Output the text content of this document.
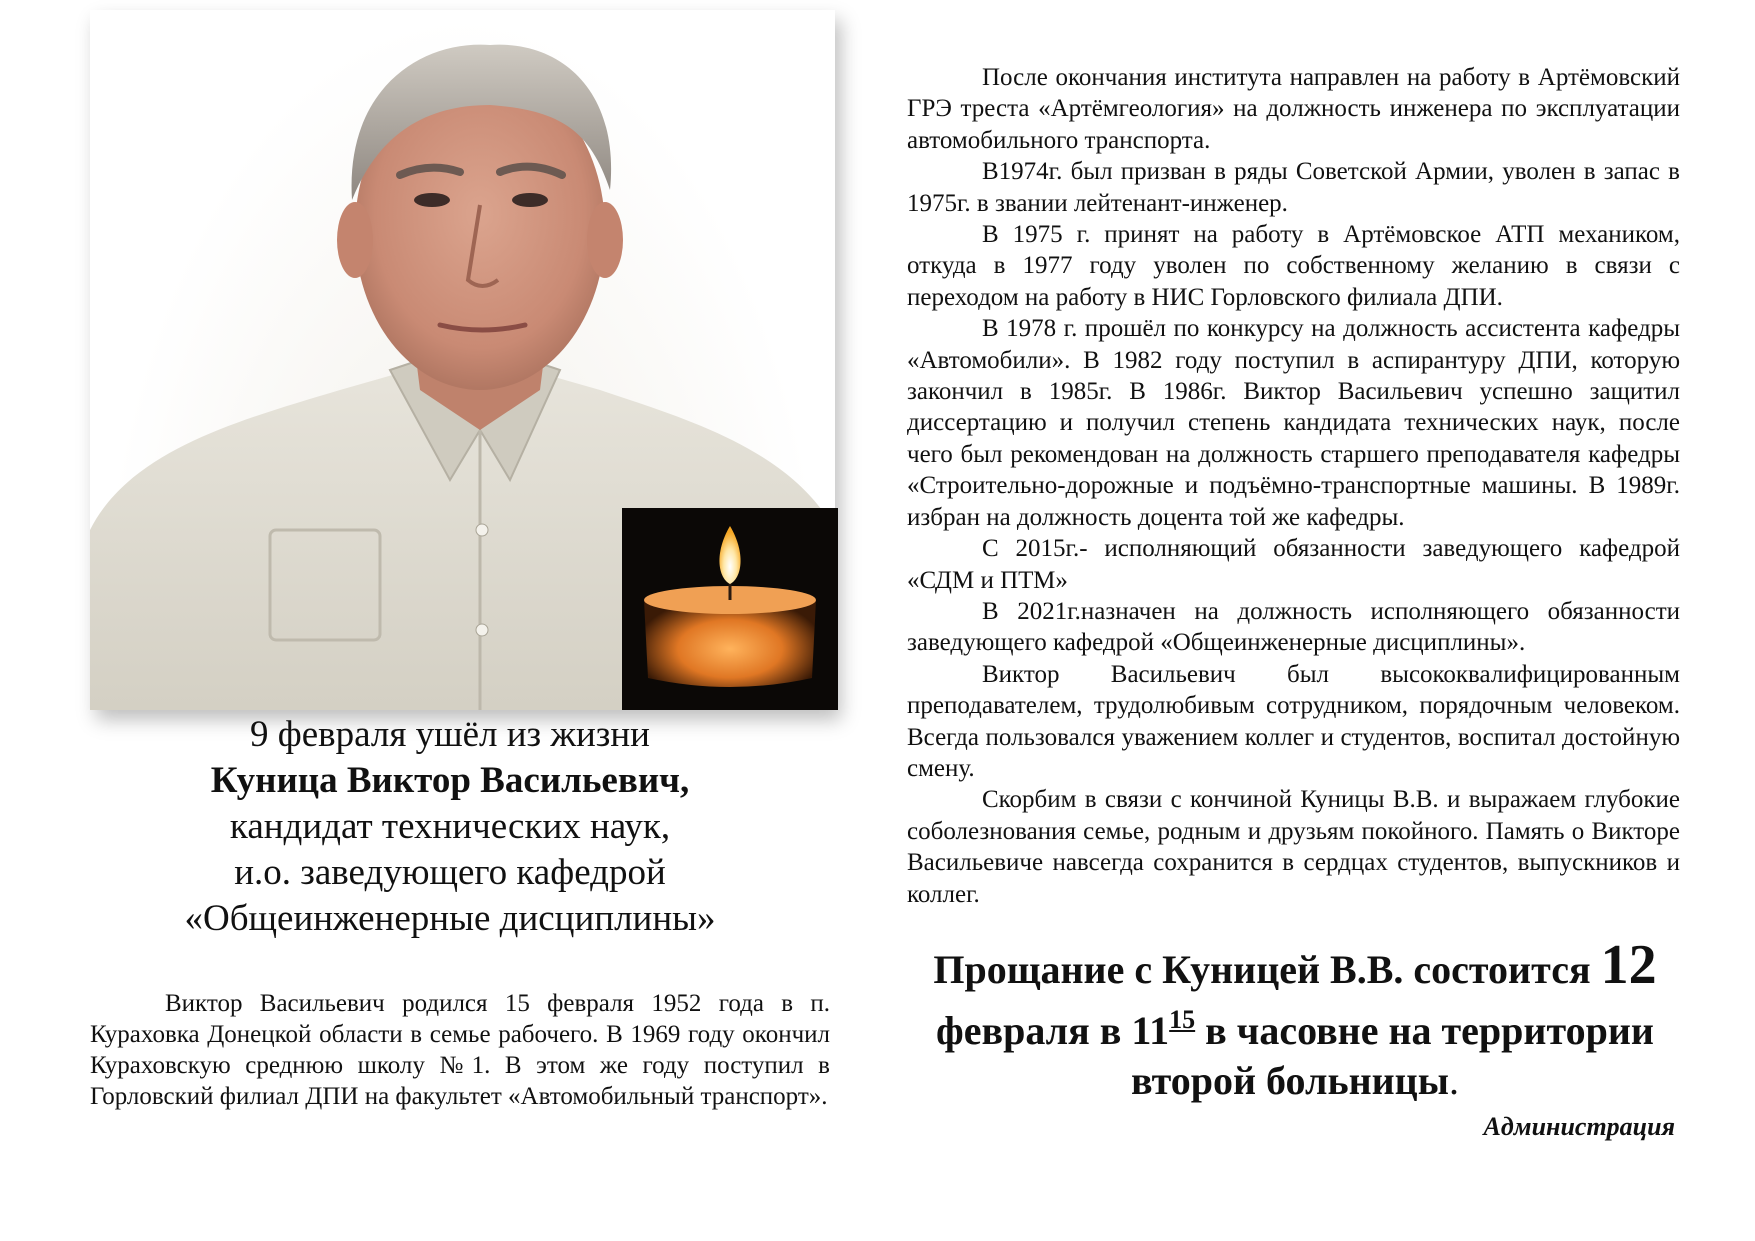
9 февраля ушёл из жизни
Куница Виктор Васильевич,
кандидат технических наук,
и.о. заведующего кафедрой
«Общеинженерные дисциплины»

Виктор Васильевич родился 15 февраля 1952 года в п. Кураховка Донецкой области в семье рабочего. В 1969 году окончил Кураховскую среднюю школу №1. В этом же году поступил в Горловский филиал ДПИ на факультет «Автомобильный транспорт».

После окончания института направлен на работу в Артёмовский ГРЭ треста «Артёмгеология» на должность инженера по эксплуатации автомобильного транспорта.

В1974г. был призван в ряды Советской Армии, уволен в запас в 1975г. в звании лейтенант-инженер.

В 1975 г. принят на работу в Артёмовское АТП механиком, откуда в 1977 году уволен по собственному желанию в связи с переходом на работу в НИС Горловского филиала ДПИ.

В 1978 г. прошёл по конкурсу на должность ассистента кафедры «Автомобили». В 1982 году поступил в аспирантуру ДПИ, которую закончил в 1985г. В 1986г. Виктор Васильевич успешно защитил диссертацию и получил степень кандидата технических наук, после чего был рекомендован на должность старшего преподавателя кафедры «Строительно-дорожные и подъёмно-транспортные машины. В 1989г. избран на должность доцента той же кафедры.

С 2015г.- исполняющий обязанности заведующего кафедрой «СДМ и ПТМ»

В 2021г.назначен на должность исполняющего обязанности заведующего кафедрой «Общеинженерные дисциплины».

Виктор Васильевич был высококвалифицированным преподавателем, трудолюбивым сотрудником, порядочным человеком. Всегда пользовался уважением коллег и студентов, воспитал достойную смену.

Скорбим в связи с кончиной Куницы В.В. и выражаем глубокие соболезнования семье, родным и друзьям покойного. Память о Викторе Васильевиче навсегда сохранится в сердцах студентов, выпускников и коллег.

Прощание с Куницей В.В. состоится 12 февраля в $11^{15}$ в часовне на территории второй больницы.
Администрация
